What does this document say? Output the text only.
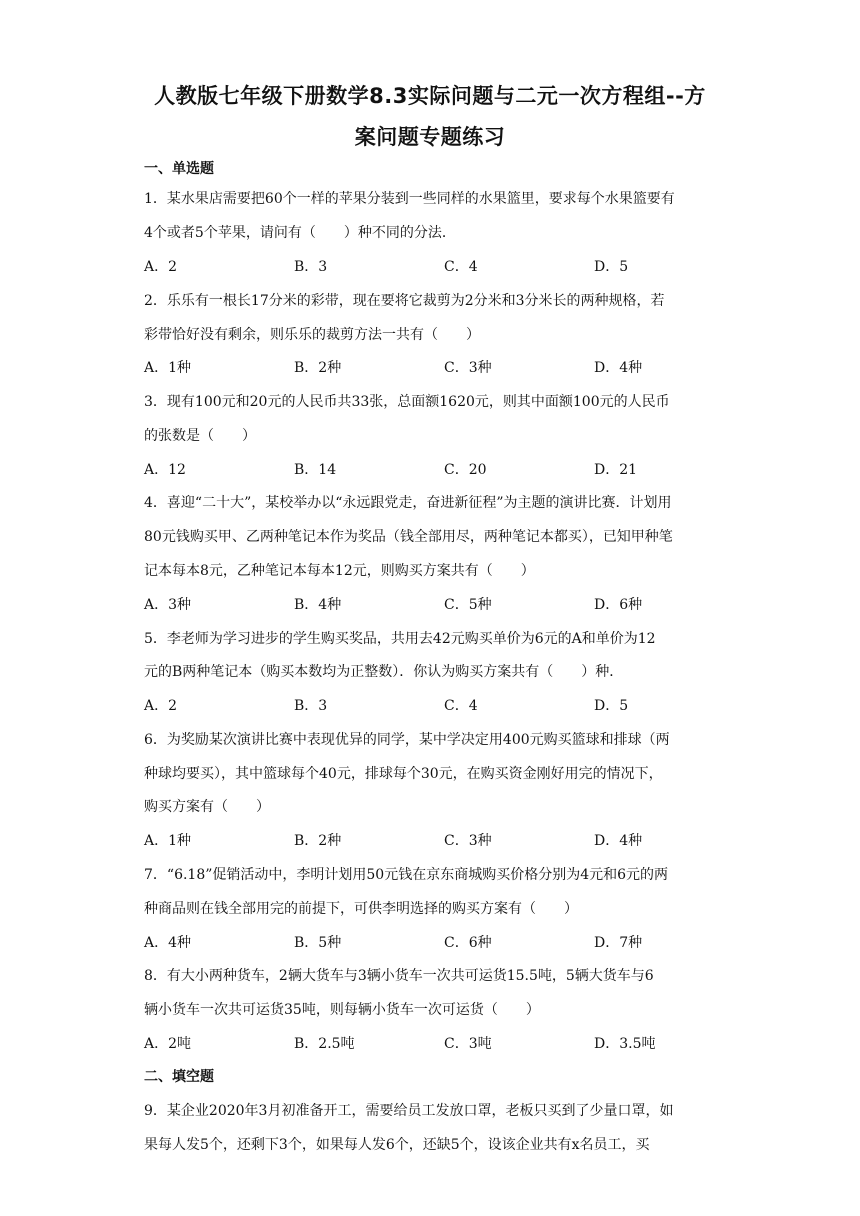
人教版七年级下册数学8.3实际问题与二元一次方程组--方
案问题专题练习
一、单选题
1．某水果店需要把60个一样的苹果分装到一些同样的水果篮里，要求每个水果篮要有
4个或者5个苹果，请问有（　　）种不同的分法．
A．2	B．3	C．4	D．5
2．乐乐有一根长17分米的彩带，现在要将它裁剪为2分米和3分米长的两种规格，若
彩带恰好没有剩余，则乐乐的裁剪方法一共有（　　）
A．1种	B．2种	C．3种	D．4种
3．现有100元和20元的人民币共33张，总面额1620元，则其中面额100元的人民币
的张数是（　　）
A．12	B．14	C．20	D．21
4．喜迎“二十大”，某校举办以“永远跟党走，奋进新征程”为主题的演讲比赛．计划用
80元钱购买甲、乙两种笔记本作为奖品（钱全部用尽，两种笔记本都买），已知甲种笔
记本每本8元，乙种笔记本每本12元，则购买方案共有（　　）
A．3种	B．4种	C．5种	D．6种
5．李老师为学习进步的学生购买奖品，共用去42元购买单价为6元的A和单价为12
元的B两种笔记本（购买本数均为正整数）．你认为购买方案共有（　　）种．
A．2	B．3	C．4	D．5
6．为奖励某次演讲比赛中表现优异的同学，某中学决定用400元购买篮球和排球（两
种球均要买），其中篮球每个40元，排球每个30元，在购买资金刚好用完的情况下，
购买方案有（　　）
A．1种	B．2种	C．3种	D．4种
7．“6.18”促销活动中，李明计划用50元钱在京东商城购买价格分别为4元和6元的两
种商品则在钱全部用完的前提下，可供李明选择的购买方案有（　　）
A．4种	B．5种	C．6种	D．7种
8．有大小两种货车，2辆大货车与3辆小货车一次共可运货15.5吨，5辆大货车与6
辆小货车一次共可运货35吨，则每辆小货车一次可运货（　　）
A．2吨	B．2.5吨	C．3吨	D．3.5吨
二、填空题
9．某企业2020年3月初准备开工，需要给员工发放口罩，老板只买到了少量口罩，如
果每人发5个，还剩下3个，如果每人发6个，还缺5个，设该企业共有x名员工，买
